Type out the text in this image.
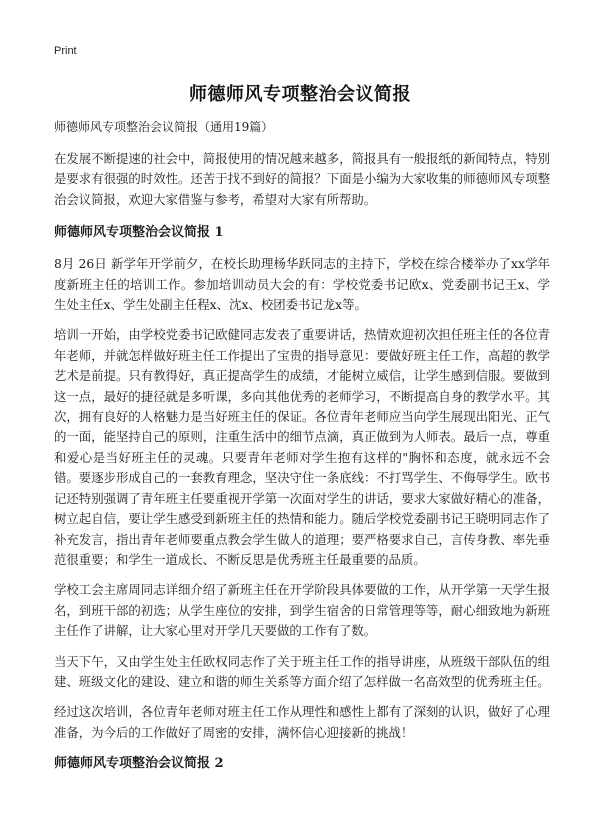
Print
师德师风专项整治会议简报
师德师风专项整治会议简报（通用19篇）

在发展不断提速的社会中，简报使用的情况越来越多，简报具有一般报纸的新闻特点，特别是要求有很强的时效性。还苦于找不到好的简报？下面是小编为大家收集的师德师风专项整治会议简报，欢迎大家借鉴与参考，希望对大家有所帮助。

师德师风专项整治会议简报 1

8月 26日 新学年开学前夕，在校长助理杨华跃同志的主持下，学校在综合楼举办了xx学年度新班主任的培训工作。参加培训动员大会的有：学校党委书记欧x、党委副书记王x、学生处主任x、学生处副主任程x、沈x、校团委书记龙x等。

培训一开始，由学校党委书记欧健同志发表了重要讲话，热情欢迎初次担任班主任的各位青年老师，并就怎样做好班主任工作提出了宝贵的指导意见：要做好班主任工作，高超的教学艺术是前提。只有教得好，真正提高学生的成绩，才能树立威信，让学生感到信服。要做到这一点，最好的捷径就是多听课，多向其他优秀的老师学习，不断提高自身的教学水平。其次，拥有良好的人格魅力是当好班主任的保证。各位青年老师应当向学生展现出阳光、正气的一面，能坚持自己的原则，注重生活中的细节点滴，真正做到为人师表。最后一点，尊重和爱心是当好班主任的灵魂。只要青年老师对学生抱有这样的"胸怀和态度，就永远不会错。要逐步形成自己的一套教育理念，坚决守住一条底线：不打骂学生、不侮辱学生。欧书记还特别强调了青年班主任要重视开学第一次面对学生的讲话，要求大家做好精心的准备，树立起自信，要让学生感受到新班主任的热情和能力。随后学校党委副书记王晓明同志作了补充发言，指出青年老师要重点教会学生做人的道理；要严格要求自己，言传身教、率先垂范很重要；和学生一道成长、不断反思是优秀班主任最重要的品质。

学校工会主席周同志详细介绍了新班主任在开学阶段具体要做的工作，从开学第一天学生报名，到班干部的初选；从学生座位的安排，到学生宿舍的日常管理等等，耐心细致地为新班主任作了讲解，让大家心里对开学几天要做的工作有了数。

当天下午，又由学生处主任欧权同志作了关于班主任工作的指导讲座，从班级干部队伍的组建、班级文化的建设、建立和谐的师生关系等方面介绍了怎样做一名高效型的优秀班主任。

经过这次培训，各位青年老师对班主任工作从理性和感性上都有了深刻的认识，做好了心理准备，为今后的工作做好了周密的安排，满怀信心迎接新的挑战！

师德师风专项整治会议简报 2
